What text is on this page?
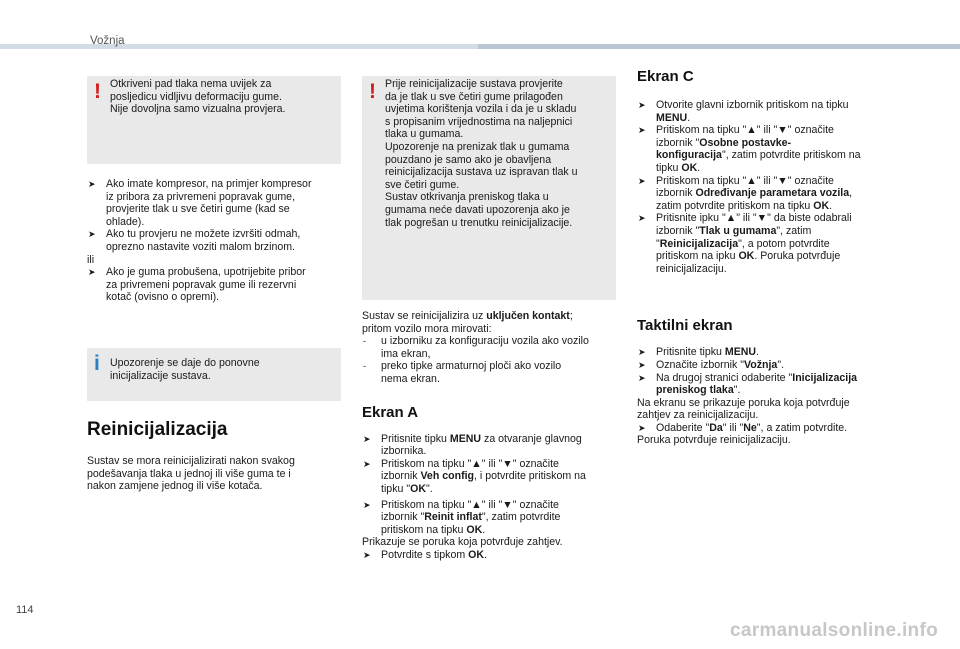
Vožnja
! Otkriveni pad tlaka nema uvijek za

posljedicu vidljivu deformaciju gume.

Nije dovoljna samo vizualna provjera.

➤ Ako imate kompresor, na primjer kompresor

iz pribora za privremeni popravak gume,

provjerite tlak u sve četiri gume (kad se

ohlade).

➤ Ako tu provjeru ne možete izvršiti odmah,

oprezno nastavite voziti malom brzinom.

ili

➤ Ako je guma probušena, upotrijebite pribor

za privremeni popravak gume ili rezervni

kotač (ovisno o opremi).

i Upozorenje se daje do ponovne

inicijalizacije sustava.

Reinicijalizacija

Sustav se mora reinicijalizirati nakon svakog

podešavanja tlaka u jednoj ili više guma te i

nakon zamjene jednog ili više kotača.

! Prije reinicijalizacije sustava provjerite

da je tlak u sve četiri gume prilagođen

uvjetima korištenja vozila i da je u skladu

s propisanim vrijednostima na naljepnici

tlaka u gumama.

Upozorenje na prenizak tlak u gumama

pouzdano je samo ako je obavljena

reinicijalizacija sustava uz ispravan tlak u

sve četiri gume.

Sustav otkrivanja preniskog tlaka u

gumama neće davati upozorenja ako je

tlak pogrešan u trenutku reinicijalizacije.

Sustav se reinicijalizira uz uključen kontakt;

pritom vozilo mora mirovati:

-	u izborniku za konfiguraciju vozila ako vozilo

ima ekran,

-	preko tipke armaturnoj ploči ako vozilo

nema ekran.

Ekran A
➤ Pritisnite tipku MENU za otvaranje glavnog

izbornika.

➤ Pritiskom na tipku "▲" ili "▼" označite

izbornik Veh config, i potvrdite pritiskom na

tipku "OK".

➤ Pritiskom na tipku "▲" ili "▼" označite

izbornik "Reinit inflat", zatim potvrdite

pritiskom na tipku OK.

Prikazuje se poruka koja potvrđuje zahtjev.

➤ Potvrdite s tipkom OK.

Ekran C
➤ Otvorite glavni izbornik pritiskom na tipku

MENU.

➤ Pritiskom na tipku "▲" ili "▼" označite

izbornik "Osobne postavke-

konfiguracija", zatim potvrdite pritiskom na

tipku OK.

➤ Pritiskom na tipku "▲" ili "▼" označite

izbornik Određivanje parametara vozila,

zatim potvrdite pritiskom na tipku OK.

➤ Pritisnite ipku "▲" ili "▼" da biste odabrali

izbornik "Tlak u gumama", zatim

"Reinicijalizacija", a potom potvrdite

pritiskom na ipku OK. Poruka potvrđuje

reinicijalizaciju.

Taktilni ekran
➤ Pritisnite tipku MENU.

➤ Označite izbornik "Vožnja".

➤ Na drugoj stranici odaberite "Inicijalizacija

preniskog tlaka".

Na ekranu se prikazuje poruka koja potvrđuje

zahtjev za reinicijalizaciju.

➤ Odaberite "Da" ili "Ne", a zatim potvrdite.

Poruka potvrđuje reinicijalizaciju.

114
carmanualsonline.info
